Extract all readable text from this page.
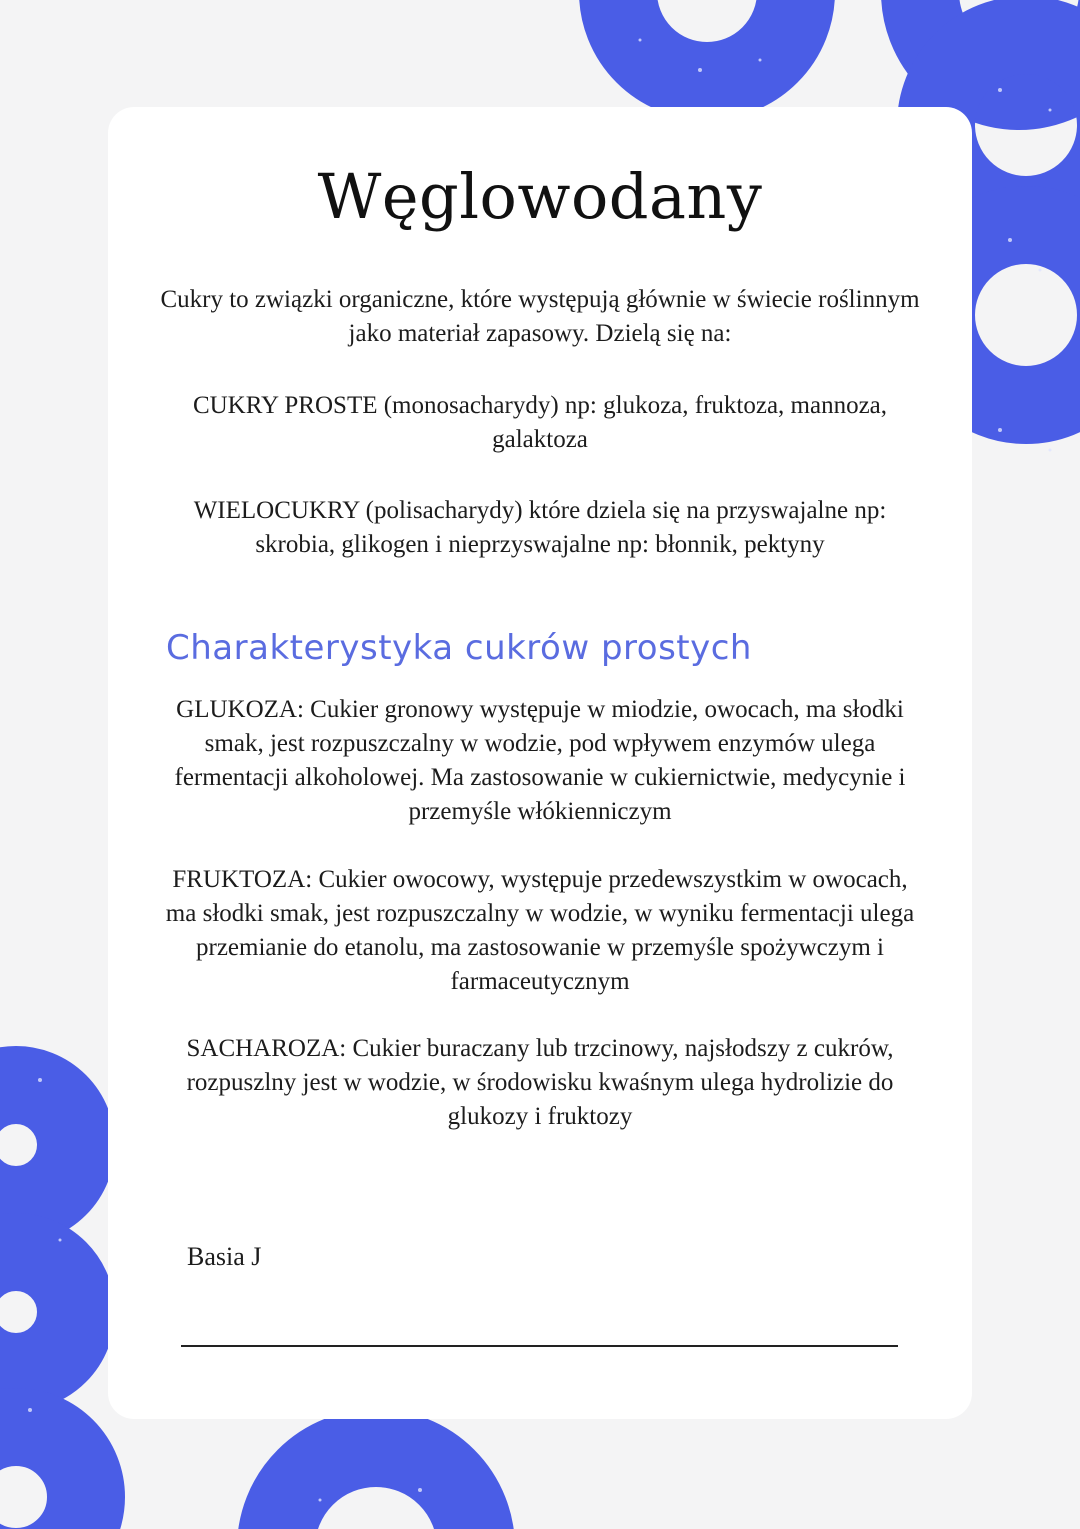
Węglowodany

Cukry to związki organiczne, które występują głównie w świecie roślinnym jako materiał zapasowy. Dzielą się na:

CUKRY PROSTE (monosacharydy) np: glukoza, fruktoza, mannoza, galaktoza

WIELOCUKRY (polisacharydy) które dziela się na przyswajalne np: skrobia, glikogen i nieprzyswajalne np: błonnik, pektyny

Charakterystyka cukrów prostych

GLUKOZA: Cukier gronowy występuje w miodzie, owocach, ma słodki smak, jest rozpuszczalny w wodzie, pod wpływem enzymów ulega fermentacji alkoholowej. Ma zastosowanie w cukiernictwie, medycynie i przemyśle włókienniczym

FRUKTOZA: Cukier owocowy, występuje przedewszystkim w owocach, ma słodki smak, jest rozpuszczalny w wodzie, w wyniku fermentacji ulega przemianie do etanolu, ma zastosowanie w przemyśle spożywczym i farmaceutycznym

SACHAROZA: Cukier buraczany lub trzcinowy, najsłodszy z cukrów, rozpuszlny jest w wodzie, w środowisku kwaśnym ulega hydrolizie do glukozy i fruktozy

Basia J
